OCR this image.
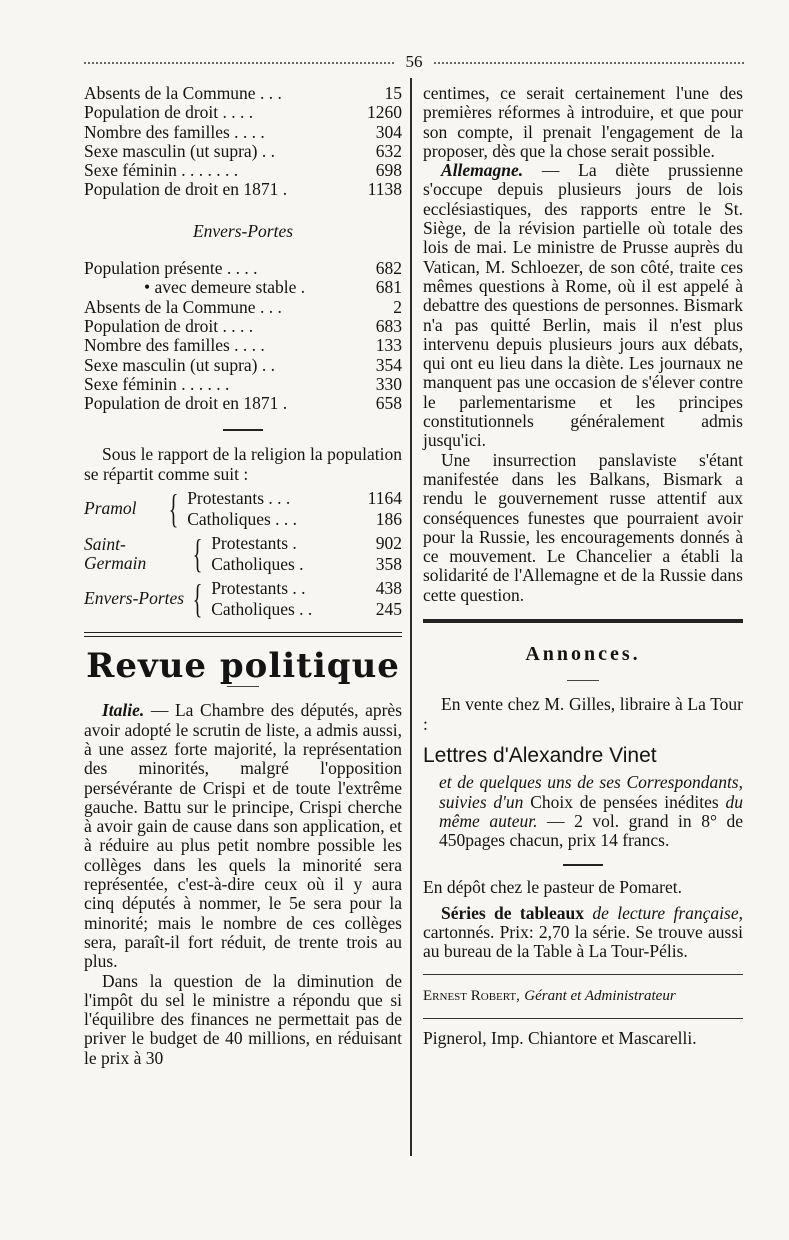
56
Absents de la Commune . . .	15
Population de droit . . . .	1260
Nombre des familles . . . .	304
Sexe masculin (ut supra) . .	632
Sexe féminin . . . . . . .	698
Population de droit en 1871 .	1138
Envers-Portes
Population présente . . . .	682
• avec demeure stable .	681
Absents de la Commune . . .	2
Population de droit . . . .	683
Nombre des familles . . . .	133
Sexe masculin (ut supra) . .	354
Sexe féminin . . . . . .	330
Population de droit en 1871 .	658
Sous le rapport de la religion la population se répartit comme suit :
Pramol { Protestants . . .	1164
Catholiques . . .	186
Saint-Germain	{ Protestants .	902
Catholiques .	358
Envers-Portes { Protestants . .	438
Catholiques . .	245
Revue politique
Italie. — La Chambre des députés, après avoir adopté le scrutin de liste, a admis aussi, à une assez forte majorité, la représentation des minorités, malgré l'opposition persévérante de Crispi et de toute l'extrême gauche. Battu sur le principe, Crispi cherche à avoir gain de cause dans son application, et à réduire au plus petit nombre possible les collèges dans les quels la minorité sera représentée, c'est-à-dire ceux où il y aura cinq députés à nommer, le 5e sera pour la minorité; mais le nombre de ces collèges sera, paraît-il fort réduit, de trente trois au plus.
Dans la question de la diminution de l'impôt du sel le ministre a répondu que si l'équilibre des finances ne permettait pas de priver le budget de 40 millions, en réduisant le prix à 30
centimes, ce serait certainement l'une des premières réformes à introduire, et que pour son compte, il prenait l'engagement de la proposer, dès que la chose serait possible.
Allemagne. — La diète prussienne s'occupe depuis plusieurs jours de lois ecclésiastiques, des rapports entre le St. Siège, de la révision partielle où totale des lois de mai. Le ministre de Prusse auprès du Vatican, M. Schloezer, de son côté, traite ces mêmes questions à Rome, où il est appelé à debattre des questions de personnes. Bismark n'a pas quitté Berlin, mais il n'est plus intervenu depuis plusieurs jours aux débats, qui ont eu lieu dans la diète. Les journaux ne manquent pas une occasion de s'élever contre le parlementarisme et les principes constitutionnels généralement admis jusqu'ici.
Une insurrection panslaviste s'étant manifestée dans les Balkans, Bismark a rendu le gouvernement russe attentif aux conséquences funestes que pourraient avoir pour la Russie, les encouragements donnés à ce mouvement. Le Chancelier a établi la solidarité de l'Allemagne et de la Russie dans cette question.
Annonces.
En vente chez M. Gilles, libraire à La Tour :
Lettres d'Alexandre Vinet
et de quelques uns de ses Correspondants, suivies d'un Choix de pensées inédites du même auteur. — 2 vol. grand in 8° de 450pages chacun, prix 14 francs.
En dépôt chez le pasteur de Pomaret.
Séries de tableaux de lecture française, cartonnés. Prix: 2,70 la série. Se trouve aussi au bureau de la Table à La Tour-Pélis.
Ernest Robert, Gérant et Administrateur
Pignerol, Imp. Chiantore et Mascarelli.
